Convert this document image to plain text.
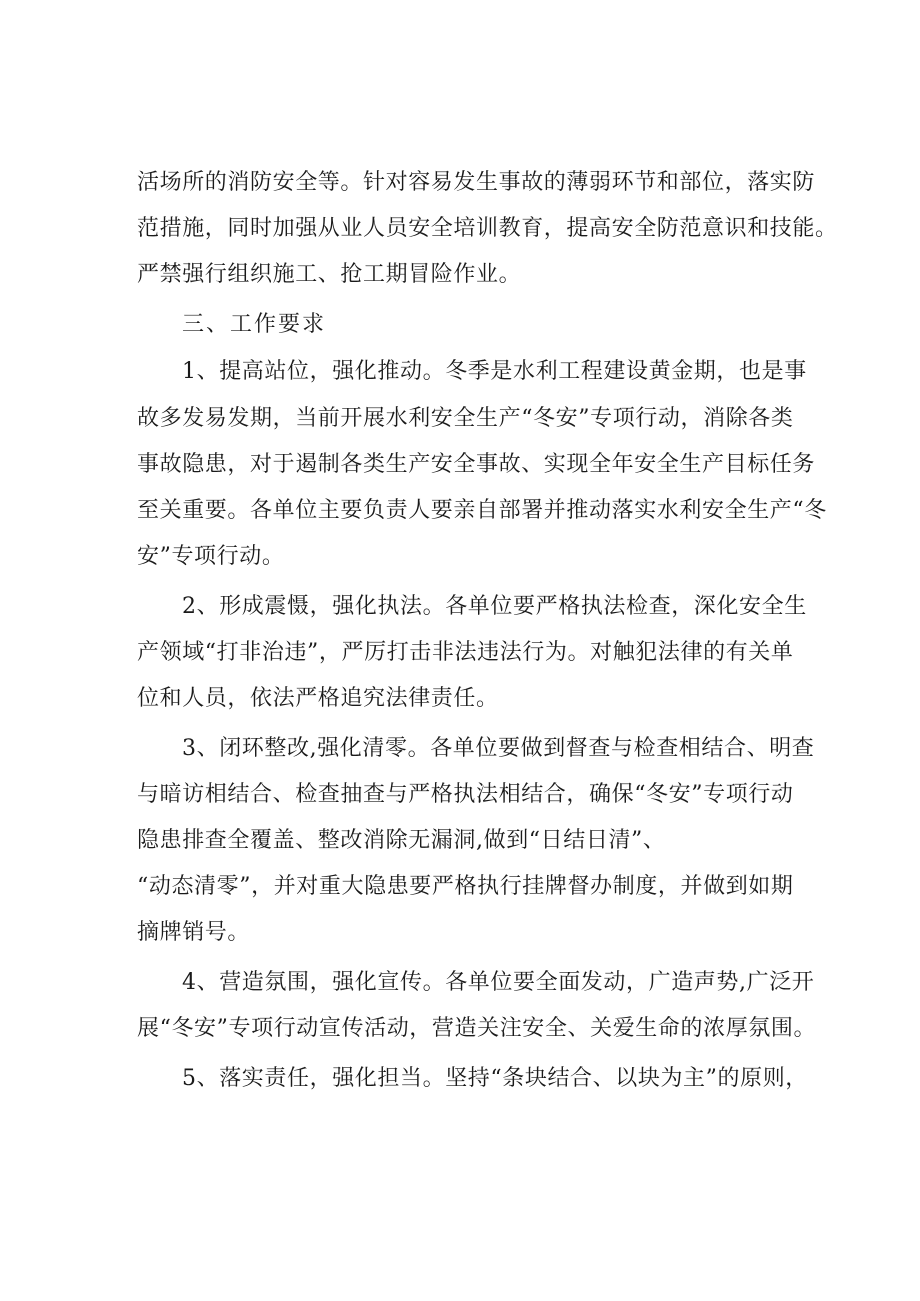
活场所的消防安全等。针对容易发生事故的薄弱环节和部位，落实防
范措施，同时加强从业人员安全培训教育，提高安全防范意识和技能。
严禁强行组织施工、抢工期冒险作业。
三、工作要求
1、提高站位，强化推动。冬季是水利工程建设黄金期，也是事
故多发易发期，当前开展水利安全生产“冬安”专项行动，消除各类
事故隐患，对于遏制各类生产安全事故、实现全年安全生产目标任务
至关重要。各单位主要负责人要亲自部署并推动落实水利安全生产“冬
安”专项行动。
2、形成震慑，强化执法。各单位要严格执法检查，深化安全生
产领域“打非治违”，严厉打击非法违法行为。对触犯法律的有关单
位和人员，依法严格追究法律责任。
3、闭环整改,强化清零。各单位要做到督查与检查相结合、明查
与暗访相结合、检查抽查与严格执法相结合，确保“冬安”专项行动
隐患排查全覆盖、整改消除无漏洞,做到“日结日清”、
“动态清零”，并对重大隐患要严格执行挂牌督办制度，并做到如期
摘牌销号。
4、营造氛围，强化宣传。各单位要全面发动，广造声势,广泛开
展“冬安”专项行动宣传活动，营造关注安全、关爱生命的浓厚氛围。
5、落实责任，强化担当。坚持“条块结合、以块为主”的原则，
